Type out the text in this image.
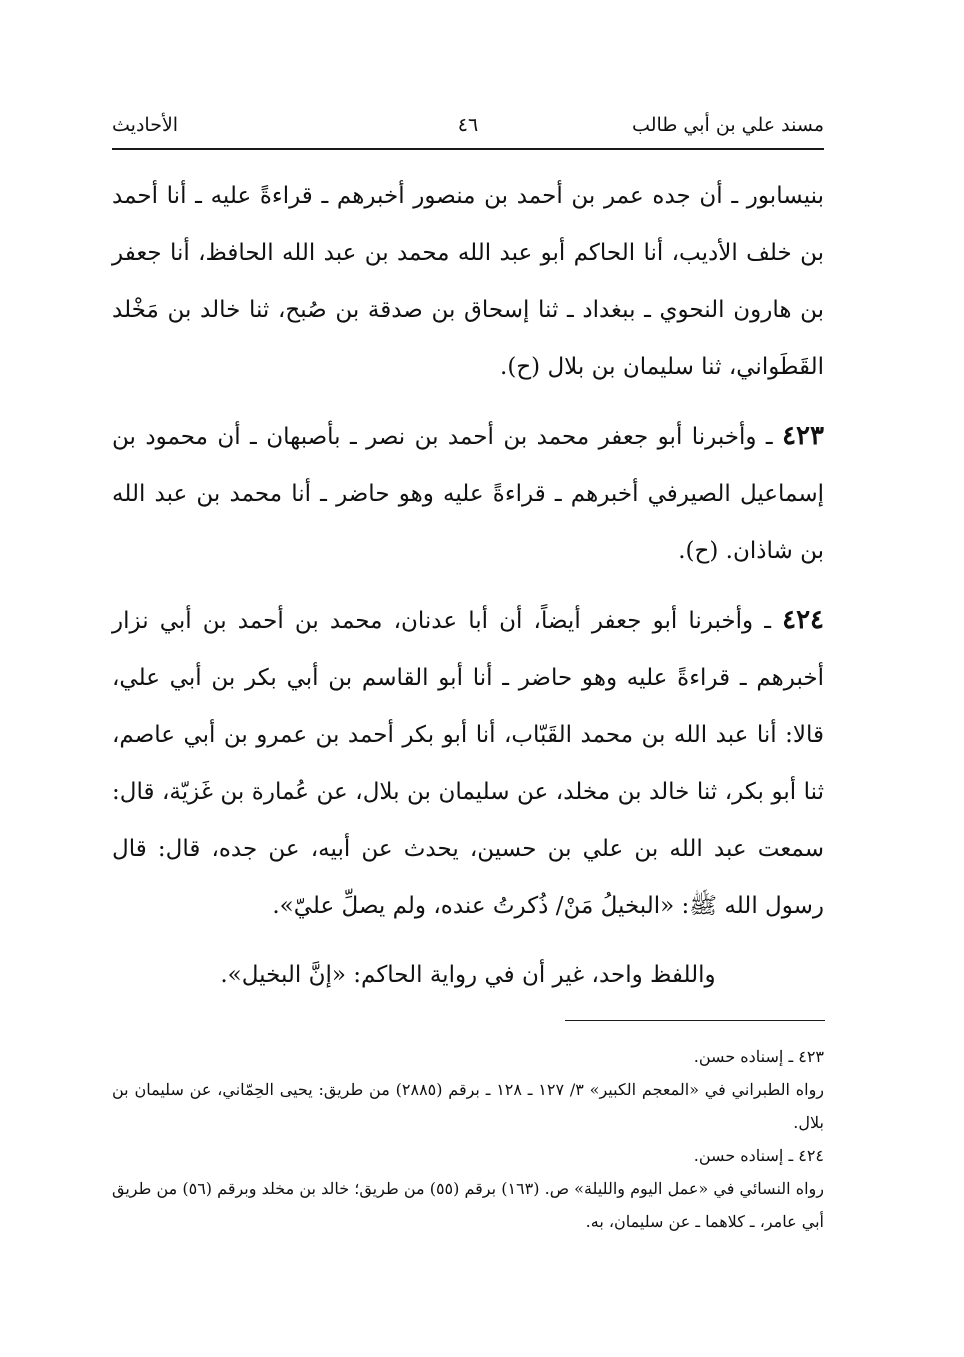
مسند علي بن أبي طالب
٤٦
الأحاديث

بنيسابور ـ أن جده عمر بن أحمد بن منصور أخبرهم ـ قراءةً عليه ـ أنا أحمد بن خلف الأديب، أنا الحاكم أبو عبد الله محمد بن عبد الله الحافظ، أنا جعفر بن هارون النحوي ـ ببغداد ـ ثنا إسحاق بن صدقة بن صُبح، ثنا خالد بن مَخْلد القَطَواني، ثنا سليمان بن بلال (ح).

٤٢٣ ـ وأخبرنا أبو جعفر محمد بن أحمد بن نصر ـ بأصبهان ـ أن محمود بن إسماعيل الصيرفي أخبرهم ـ قراءةً عليه وهو حاضر ـ أنا محمد بن عبد الله بن شاذان. (ح).

٤٢٤ ـ وأخبرنا أبو جعفر أيضاً، أن أبا عدنان، محمد بن أحمد بن أبي نزار أخبرهم ـ قراءةً عليه وهو حاضر ـ أنا أبو القاسم بن أبي بكر بن أبي علي، قالا: أنا عبد الله بن محمد القَبّاب، أنا أبو بكر أحمد بن عمرو بن أبي عاصم، ثنا أبو بكر، ثنا خالد بن مخلد، عن سليمان بن بلال، عن عُمارة بن غَزيّة، قال: سمعت عبد الله بن علي بن حسين، يحدث عن أبيه، عن جده، قال: قال رسول الله ﷺ: «البخيلُ مَنْ/ ذُكرتُ عنده، ولم يصلِّ عليّ».

واللفظ واحد، غير أن في رواية الحاكم: «إنَّ البخيل».

٤٢٣ ـ إسناده حسن.

رواه الطبراني في «المعجم الكبير» ٣/ ١٢٧ ـ ١٢٨ ـ برقم (٢٨٨٥) من طريق: يحيى الحِمّاني، عن سليمان بن بلال.

٤٢٤ ـ إسناده حسن.

رواه النسائي في «عمل اليوم والليلة» ص. (١٦٣) برقم (٥٥) من طريق؛ خالد بن مخلد وبرقم (٥٦) من طريق أبي عامر، ـ كلاهما ـ عن سليمان، به.
